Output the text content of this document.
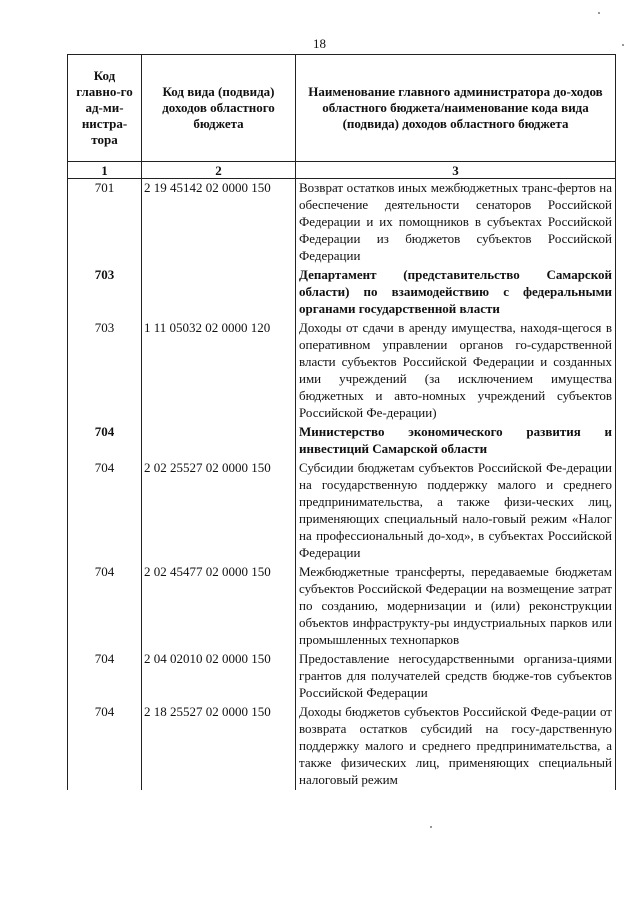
18
Код главно-го ад-ми-нистра-тора	Код вида (подвида) доходов областного бюджета	Наименование главного администратора до-ходов областного бюджета/наименование кода вида (подвида) доходов областного бюджета
1	2	3
701	2 19 45142 02 0000 150	Возврат остатков иных межбюджетных транс-фертов на обеспечение деятельности сенаторов Российской Федерации и их помощников в субъектах Российской Федерации из бюджетов субъектов Российской Федерации
703		Департамент (представительство Самарской области) по взаимодействию с федеральными органами государственной власти
703	1 11 05032 02 0000 120	Доходы от сдачи в аренду имущества, находя-щегося в оперативном управлении органов го-сударственной власти субъектов Российской Федерации и созданных ими учреждений (за исключением имущества бюджетных и авто-номных учреждений субъектов Российской Фе-дерации)
704		Министерство экономического развития и инвестиций Самарской области
704	2 02 25527 02 0000 150	Субсидии бюджетам субъектов Российской Фе-дерации на государственную поддержку малого и среднего предпринимательства, а также физи-ческих лиц, применяющих специальный нало-говый режим «Налог на профессиональный до-ход», в субъектах Российской Федерации
704	2 02 45477 02 0000 150	Межбюджетные трансферты, передаваемые бюджетам субъектов Российской Федерации на возмещение затрат по созданию, модернизации и (или) реконструкции объектов инфраструкту-ры индустриальных парков или промышленных технопарков
704	2 04 02010 02 0000 150	Предоставление негосударственными организа-циями грантов для получателей средств бюдже-тов субъектов Российской Федерации
704	2 18 25527 02 0000 150	Доходы бюджетов субъектов Российской Феде-рации от возврата остатков субсидий на госу-дарственную поддержку малого и среднего предпринимательства, а также физических лиц, применяющих специальный налоговый режим
